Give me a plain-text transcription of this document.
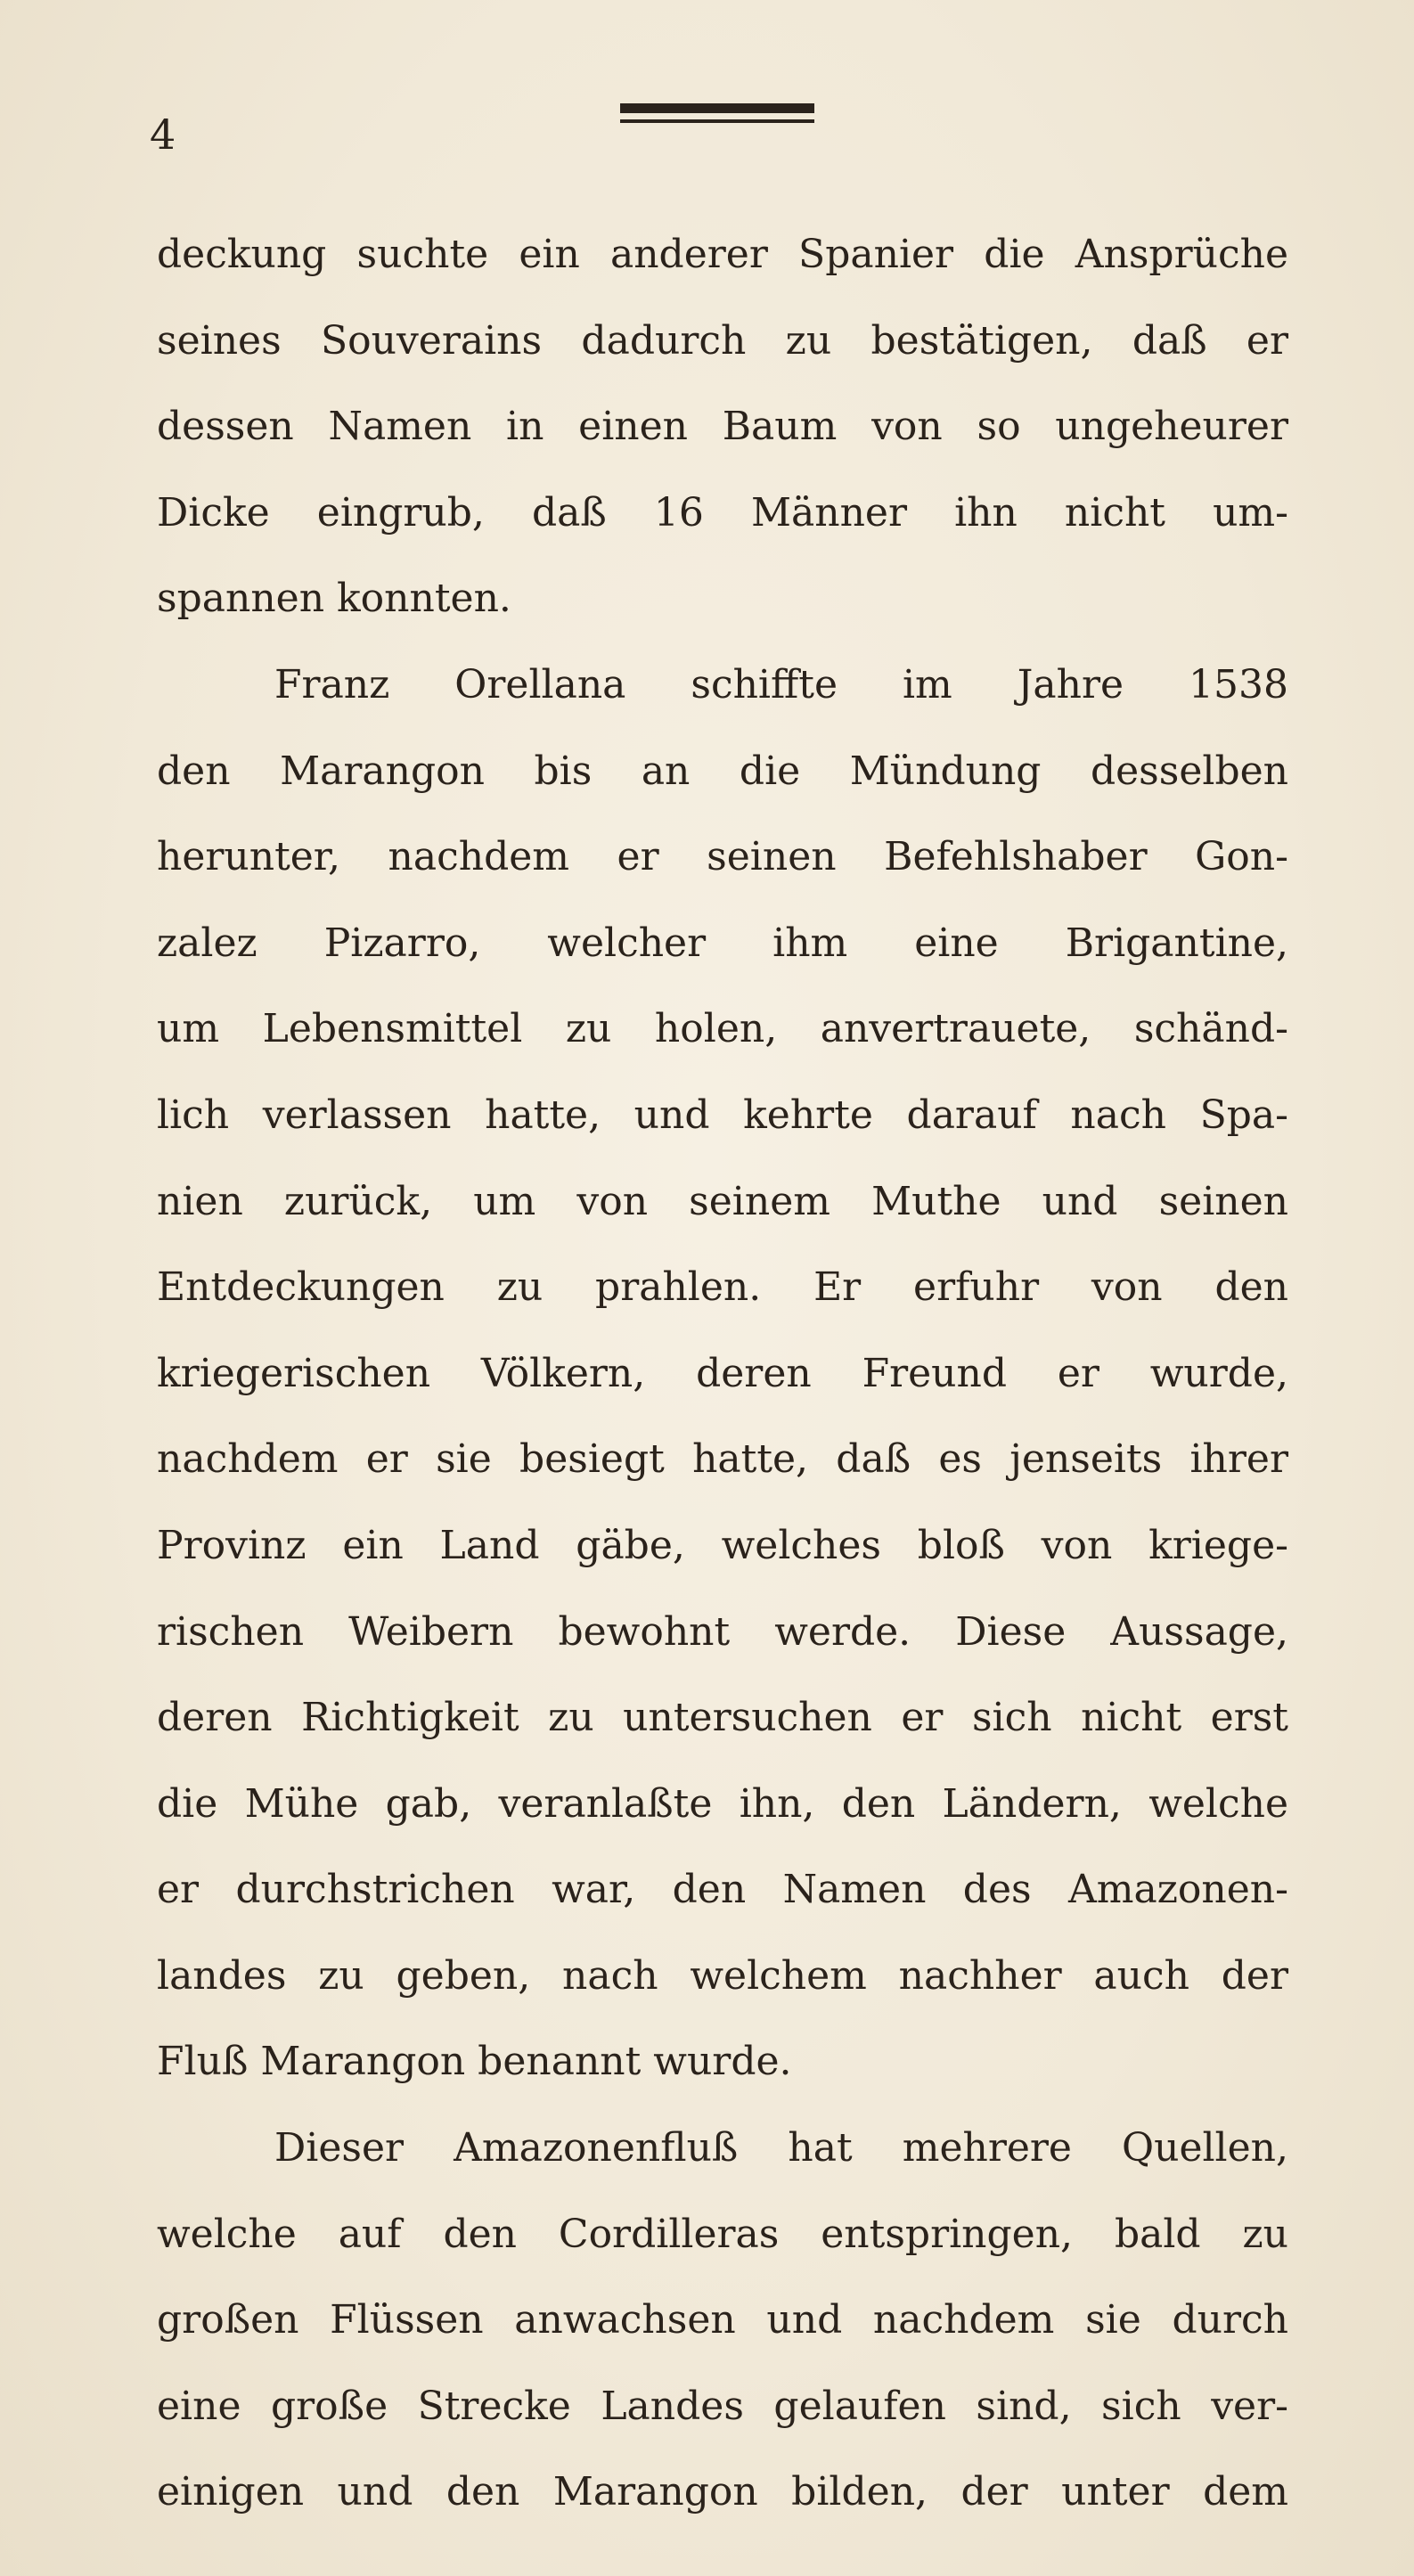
4
deckung suchte ein anderer Spanier die Ansprüche
seines Souverains dadurch zu bestätigen, daß er
dessen Namen in einen Baum von so ungeheurer
Dicke eingrub, daß 16 Männer ihn nicht um-
spannen konnten.
Franz Orellana schiffte im Jahre 1538
den Marangon bis an die Mündung desselben
herunter, nachdem er seinen Befehlshaber Gon-
zalez Pizarro, welcher ihm eine Brigantine,
um Lebensmittel zu holen, anvertrauete, schänd-
lich verlassen hatte, und kehrte darauf nach Spa-
nien zurück, um von seinem Muthe und seinen
Entdeckungen zu prahlen. Er erfuhr von den
kriegerischen Völkern, deren Freund er wurde,
nachdem er sie besiegt hatte, daß es jenseits ihrer
Provinz ein Land gäbe, welches bloß von kriege-
rischen Weibern bewohnt werde. Diese Aussage,
deren Richtigkeit zu untersuchen er sich nicht erst
die Mühe gab, veranlaßte ihn, den Ländern, welche
er durchstrichen war, den Namen des Amazonen-
landes zu geben, nach welchem nachher auch der
Fluß Marangon benannt wurde.
Dieser Amazonenfluß hat mehrere Quellen,
welche auf den Cordilleras entspringen, bald zu
großen Flüssen anwachsen und nachdem sie durch
eine große Strecke Landes gelaufen sind, sich ver-
einigen und den Marangon bilden, der unter dem
